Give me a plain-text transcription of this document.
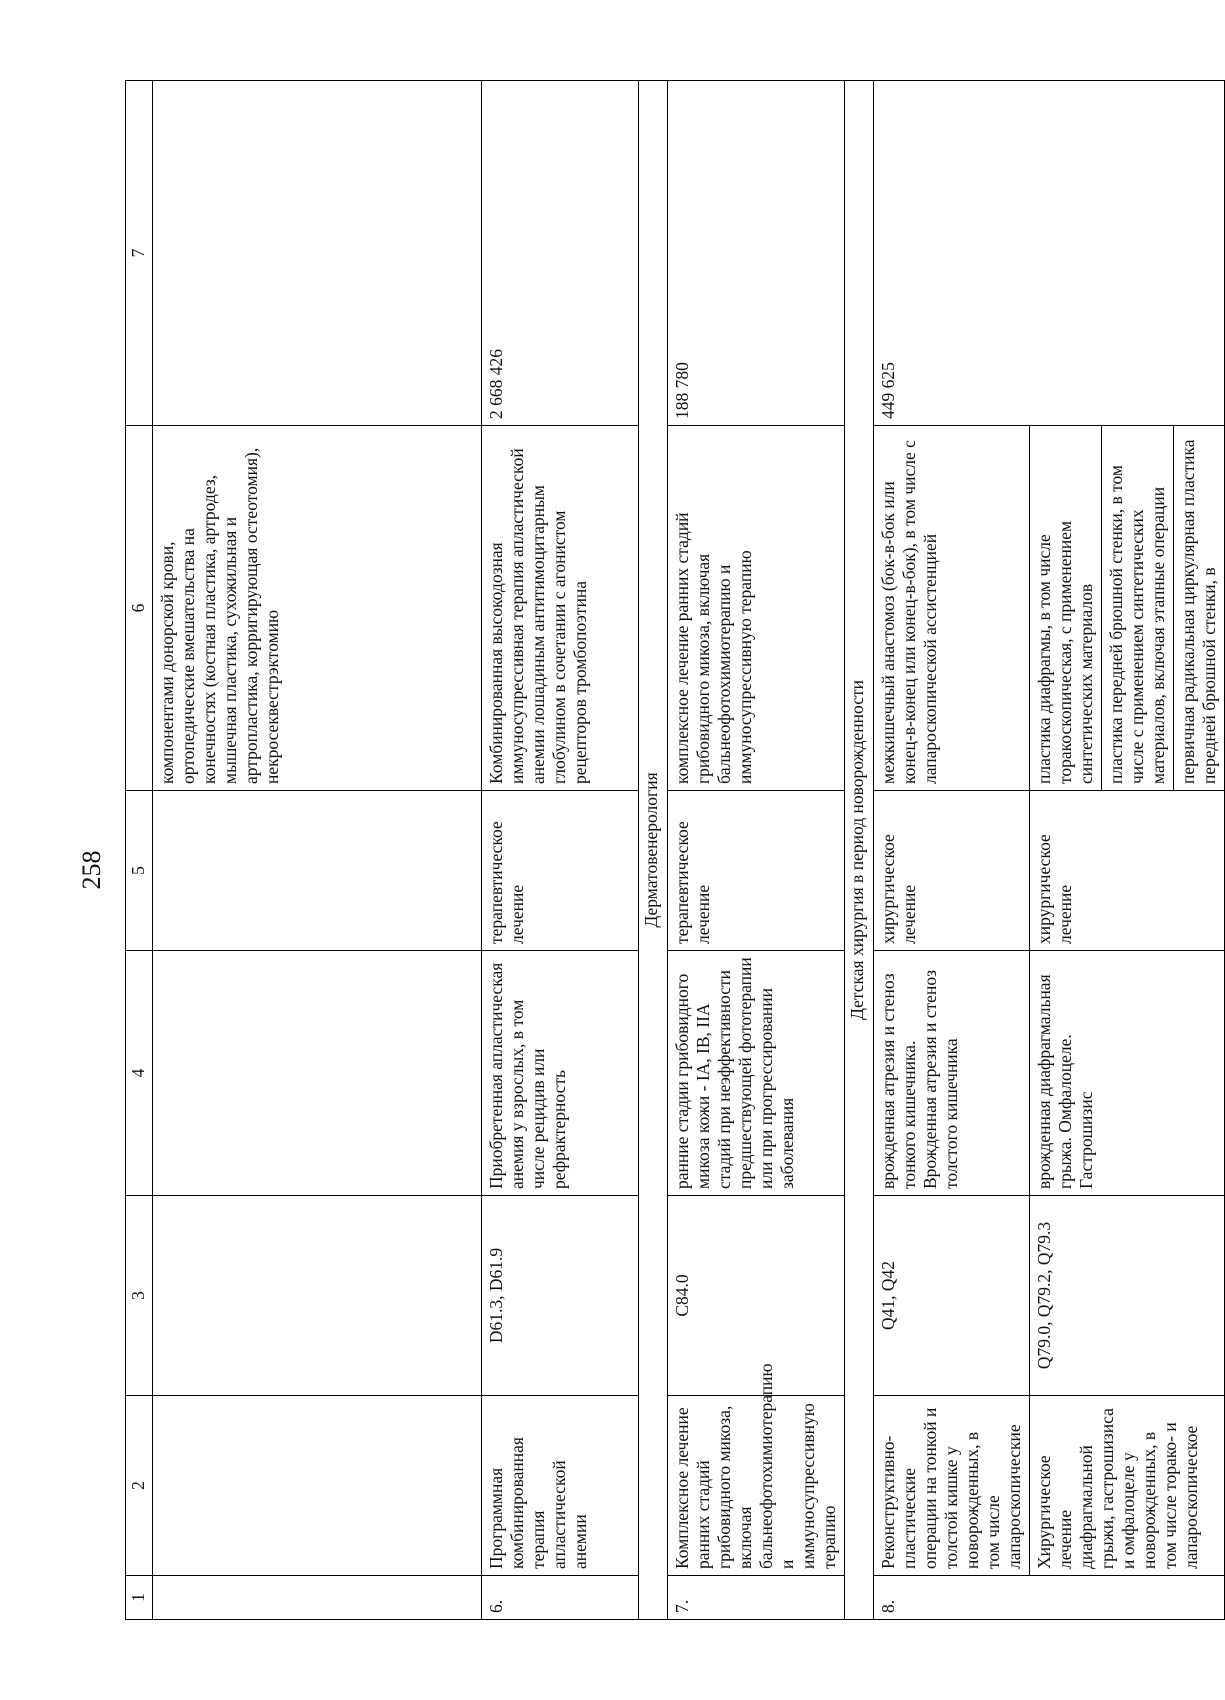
258
1	2	3	4	5	6	7
					компонентами донорской крови, ортопедические вмешательства на конечностях (костная пластика, артродез, мышечная пластика, сухожильная и артропластика, корригирующая остеотомия), некросеквестрэктомию	
6.	Программная комбинированная терапия апластической анемии	D61.3, D61.9	Приобретенная апластическая анемия у взрослых, в том числе рецидив или рефрактерность	терапевтическое лечение	Комбинированная высокодозная иммуносупрессивная терапия апластической анемии лошадиным антитимоцитарным глобулином в сочетании с агонистом рецепторов тромбопоэтина	2 668 426
Дерматовенерология						
7.	Комплексное лечение ранних стадий грибовидного микоза, включая бальнеофотохимиотерапию и иммуносупрессивную терапию	C84.0	ранние стадии грибовидного микоза кожи - IA, IB, IIA стадий при неэффективности предшествующей фототерапии или при прогрессировании заболевания	терапевтическое лечение	комплексное лечение ранних стадий грибовидного микоза, включая бальнеофотохимиотерапию и иммуносупрессивную терапию	188 780
Детская хирургия в период новорожденности						
8.	Реконструктивно-пластические операции на тонкой и толстой кишке у новорожденных, в том числе лапароскопические	Q41, Q42	врожденная атрезия и стеноз тонкого кишечника. Врожденная атрезия и стеноз толстого кишечника	хирургическое лечение	межкишечный анастомоз (бок-в-бок или конец-в-конец или конец-в-бок), в том числе с лапароскопической ассистенцией	449 625
	Хирургическое лечение диафрагмальной грыжи, гастрошизиса и омфалоцеле у новорожденных, в том числе торако- и лапароскопическое	Q79.0, Q79.2, Q79.3	врожденная диафрагмальная грыжа. Омфалоцеле. Гастрошизис	хирургическое лечение	пластика диафрагмы, в том числе торакоскопическая, с применением синтетических материалов	
					пластика передней брюшной стенки, в том числе с применением синтетических материалов, включая этапные операции	
					первичная радикальная циркулярная пластика передней брюшной стенки, в	
